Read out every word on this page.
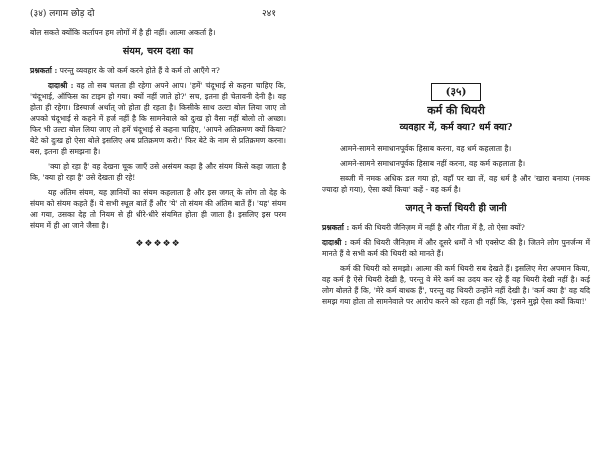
(३४) लगाम छोड़ दो	२४१

बोल सकते क्योंकि कर्तापन हम लोगों में है ही नहीं। आत्मा अकर्ता है।

संयम, चरम दशा का

प्रश्नकर्ता : परन्तु व्यवहार के जो कर्म करने होते हैं वे कर्म तो आएँगे न?

दादाश्री : वह तो सब चलता ही रहेगा अपने आप। 'हमें' चंदूभाई से कहना चाहिए कि, 'चंदूभाई, ऑफिस का टाइम हो गया। क्यों नहीं जाते हो?' सच, इतना ही चेतावनी देनी है। वह होता ही रहेगा। डिस्चार्ज अर्थात् जो होता ही रहता है। किसीके साथ उल्टा बोल लिया जाए तो अपको चंदूभाई से कहने में हर्ज नहीं है कि सामनेवाले को दुःख हो वैसा नहीं बोलो तो अच्छा। फिर भी उल्टा बोल लिया जाए तो हमें चंदूभाई से कहना चाहिए, 'आपने अतिक्रमण क्यों किया? बेटे को दुःख हो ऐसा बोले इसलिए अब प्रतिक्रमण करो।' फिर बेटे के नाम से प्रतिक्रमण करना। बस, इतना ही समझना है।

'क्या हो रहा है' वह देखना चूक जाएँ उसे असंयम कहा है और संयम किसे कहा जाता है कि, 'क्या हो रहा है' उसे देखता ही रहे!

यह अंतिम संयम, यह ज्ञानियों का संयम कहलाता है और इस जगत् के लोग तो देह के संयम को संयम कहते हैं। ये सभी स्थूल बातें हैं और 'ये' तो संयम की अंतिम बातें हैं। 'यह' संयम आ गया, उसका देह तो नियम से ही धीरे-धीरे संयमित होता ही जाता है। इसलिए इस परम संयम में ही आ जाने जैसा है।

❖❖❖❖❖
(३५)
कर्म की थियरी
व्यवहार में, कर्म क्या? धर्म क्या?

आमने-सामने समाधानपूर्वक हिसाब करना, वह धर्म कहलाता है।

आमने-सामने समाधानपूर्वक हिसाब नहीं करना, वह कर्म कहलाता है।

सब्जी में नमक अधिक डल गया हो, वहाँ पर खा लें, वह धर्म है और 'खारा बनाया (नमक ज्यादा हो गया), ऐसा क्यों किया' कहें - वह कर्म है।

जगत् ने कर्त्ता थियरी ही जानी

प्रश्नकर्ता : कर्म की थियरी जैनिज़म में नहीं है और गीता में है, तो ऐसा क्यों?

दादाश्री : कर्म की थियरी जैनिज़म में और दूसरे धर्मों ने भी एक्सेप्ट की है। जितने लोग पुनर्जन्म में मानते हैं वे सभी कर्म की थियरी को मानते हैं।

कर्म की थियरी को समझो। आत्मा की कर्म थियरी सब देखते हैं। इसलिए मेरा अपमान किया, वह कर्म है ऐसे थियरी देखी है, परन्तु वे मेरे कर्म का उदय कर रहे हैं वह थियरी देखी नहीं है। कई लोग बोलते हैं कि, 'मेरे कर्म बाधक हैं', परन्तु वह थियरी उन्होंने नहीं देखी है। 'कर्म क्या है' वह यदि समझ गया होता तो सामनेवाले पर आरोप करने को रहता ही नहीं कि, 'इसने मुझे ऐसा क्यों किया!'
